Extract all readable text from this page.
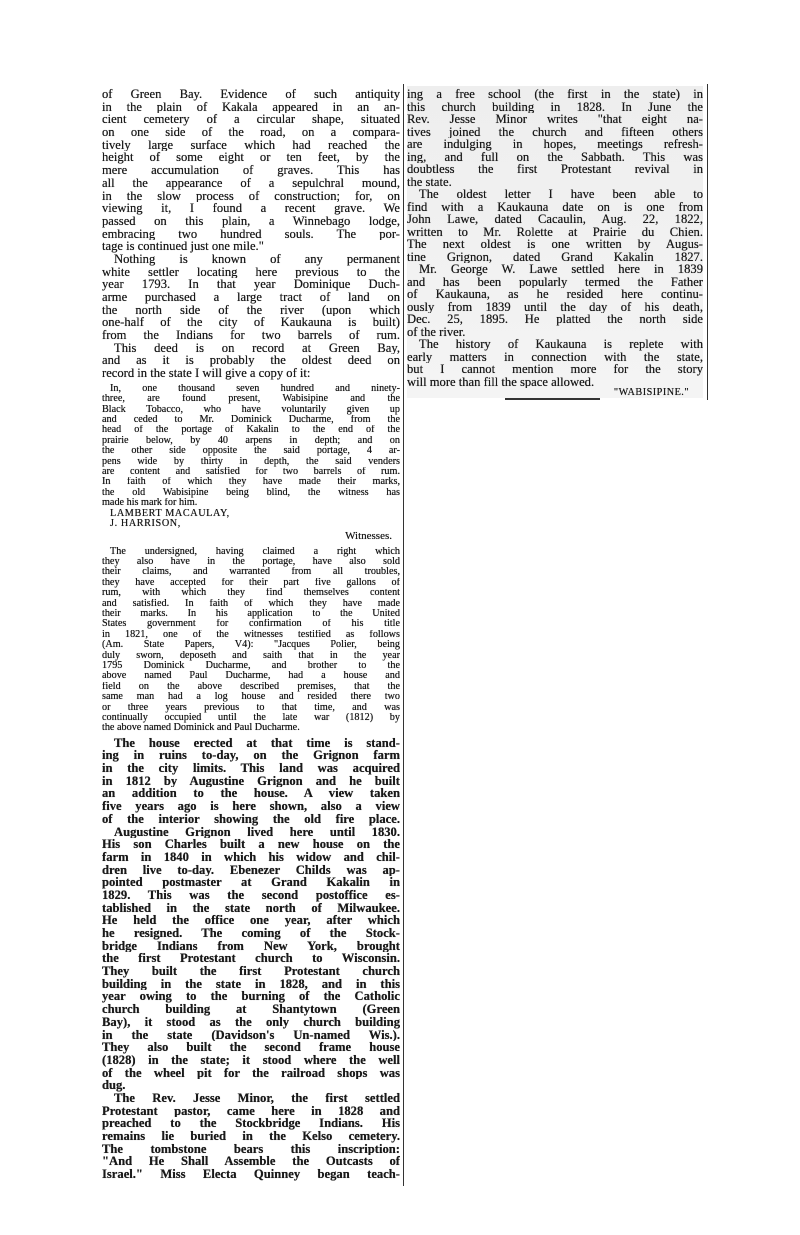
of Green Bay. Evidence of such antiquity
in the plain of Kakala appeared in an an-
cient cemetery of a circular shape, situated
on one side of the road, on a compara-
tively large surface which had reached the
height of some eight or ten feet, by the
mere accumulation of graves. This has
all the appearance of a sepulchral mound,
in the slow process of construction; for, on
viewing it, I found a recent grave. We
passed on this plain, a Winnebago lodge,
embracing two hundred souls. The por-
tage is continued just one mile."
Nothing is known of any permanent
white settler locating here previous to the
year 1793. In that year Dominique Duch-
arme purchased a large tract of land on
the north side of the river (upon which
one-half of the city of Kaukauna is built)
from the Indians for two barrels of rum.
This deed is on record at Green Bay,
and as it is probably the oldest deed on
record in the state I will give a copy of it:
In, one thousand seven hundred and ninety-
three, are found present, Wabisipine and the
Black Tobacco, who have voluntarily given up
and ceded to Mr. Dominick Ducharme, from the
head of the portage of Kakalin to the end of the
prairie below, by 40 arpens in depth; and on
the other side opposite the said portage, 4 ar-
pens wide by thirty in depth, the said venders
are content and satisfied for two barrels of rum.
In faith of which they have made their marks,
the old Wabisipine being blind, the witness has
made his mark for him.
LAMBERT MACAULAY,
J. HARRISON,
Witnesses.
The undersigned, having claimed a right which
they also have in the portage, have also sold
their claims, and warranted from all troubles,
they have accepted for their part five gallons of
rum, with which they find themselves content
and satisfied. In faith of which they have made
their marks. In his application to the United
States government for confirmation of his title
in 1821, one of the witnesses testified as follows
(Am. State Papers, V4): "Jacques Polier, being
duly sworn, deposeth and saith that in the year
1795 Dominick Ducharme, and brother to the
above named Paul Ducharme, had a house and
field on the above described premises, that the
same man had a log house and resided there two
or three years previous to that time, and was
continually occupied until the late war (1812) by
the above named Dominick and Paul Ducharme.
The house erected at that time is stand-
ing in ruins to-day, on the Grignon farm
in the city limits. This land was acquired
in 1812 by Augustine Grignon and he built
an addition to the house. A view taken
five years ago is here shown, also a view
of the interior showing the old fire place.
Augustine Grignon lived here until 1830.
His son Charles built a new house on the
farm in 1840 in which his widow and chil-
dren live to-day. Ebenezer Childs was ap-
pointed postmaster at Grand Kakalin in
1829. This was the second postoffice es-
tablished in the state north of Milwaukee.
He held the office one year, after which
he resigned. The coming of the Stock-
bridge Indians from New York, brought
the first Protestant church to Wisconsin.
They built the first Protestant church
building in the state in 1828, and in this
year owing to the burning of the Catholic
church building at Shantytown (Green
Bay), it stood as the only church building
in the state (Davidson's Un-named Wis.).
They also built the second frame house
(1828) in the state; it stood where the well
of the wheel pit for the railroad shops was
dug.
The Rev. Jesse Minor, the first settled
Protestant pastor, came here in 1828 and
preached to the Stockbridge Indians. His
remains lie buried in the Kelso cemetery.
The tombstone bears this inscription:
"And He Shall Assemble the Outcasts of
Israel." Miss Electa Quinney began teach-
ing a free school (the first in the state) in
this church building in 1828. In June the
Rev. Jesse Minor writes "that eight na-
tives joined the church and fifteen others
are indulging in hopes, meetings refresh-
ing, and full on the Sabbath. This was
doubtless the first Protestant revival in
the state.
The oldest letter I have been able to
find with a Kaukauna date on is one from
John Lawe, dated Cacaulin, Aug. 22, 1822,
written to Mr. Rolette at Prairie du Chien.
The next oldest is one written by Augus-
tine Grignon, dated Grand Kakalin 1827.
Mr. George W. Lawe settled here in 1839
and has been popularly termed the Father
of Kaukauna, as he resided here continu-
ously from 1839 until the day of his death,
Dec. 25, 1895. He platted the north side
of the river.
The history of Kaukauna is replete with
early matters in connection with the state,
but I cannot mention more for the story
will more than fill the space allowed.
"WABISIPINE."
